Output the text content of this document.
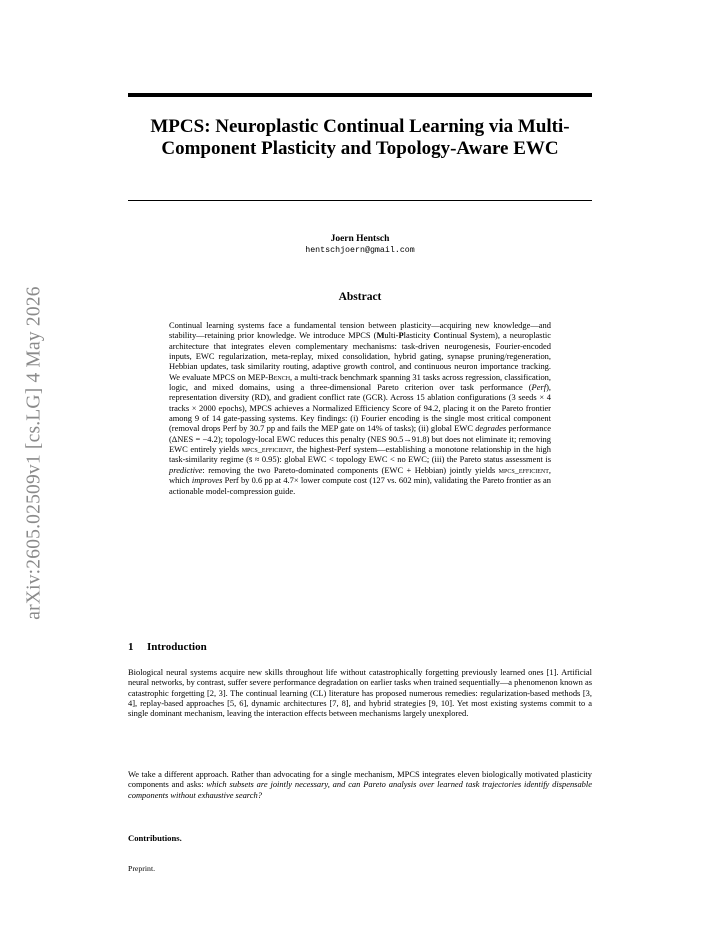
arXiv:2605.02509v1 [cs.LG] 4 May 2026
MPCS: Neuroplastic Continual Learning via Multi-Component Plasticity and Topology-Aware EWC
Joern Hentsch
hentschjoern@gmail.com
Abstract

Continual learning systems face a fundamental tension between plasticity—acquiring new knowledge—and stability—retaining prior knowledge. We introduce MPCS (Multi-Plasticity Continual System), a neuroplastic architecture that integrates eleven complementary mechanisms: task-driven neurogenesis, Fourier-encoded inputs, EWC regularization, meta-replay, mixed consolidation, hybrid gating, synapse pruning/regeneration, Hebbian updates, task similarity routing, adaptive growth control, and continuous neuron importance tracking. We evaluate MPCS on MEP-Bench, a multi-track benchmark spanning 31 tasks across regression, classification, logic, and mixed domains, using a three-dimensional Pareto criterion over task performance (Perf), representation diversity (RD), and gradient conflict rate (GCR). Across 15 ablation configurations (3 seeds × 4 tracks × 2000 epochs), MPCS achieves a Normalized Efficiency Score of 94.2, placing it on the Pareto frontier among 9 of 14 gate-passing systems. Key findings: (i) Fourier encoding is the single most critical component (removal drops Perf by 30.7 pp and fails the MEP gate on 14% of tasks); (ii) global EWC degrades performance (ΔNES = −4.2); topology-local EWC reduces this penalty (NES 90.5→91.8) but does not eliminate it; removing EWC entirely yields mpcs_efficient, the highest-Perf system—establishing a monotone relationship in the high task-similarity regime (s̄ ≈ 0.95): global EWC < topology EWC < no EWC; (iii) the Pareto status assessment is predictive: removing the two Pareto-dominated components (EWC + Hebbian) jointly yields mpcs_efficient, which improves Perf by 0.6 pp at 4.7× lower compute cost (127 vs. 602 min), validating the Pareto frontier as an actionable model-compression guide.

1 Introduction

Biological neural systems acquire new skills throughout life without catastrophically forgetting previously learned ones [1]. Artificial neural networks, by contrast, suffer severe performance degradation on earlier tasks when trained sequentially—a phenomenon known as catastrophic forgetting [2, 3]. The continual learning (CL) literature has proposed numerous remedies: regularization-based methods [3, 4], replay-based approaches [5, 6], dynamic architectures [7, 8], and hybrid strategies [9, 10]. Yet most existing systems commit to a single dominant mechanism, leaving the interaction effects between mechanisms largely unexplored.

We take a different approach. Rather than advocating for a single mechanism, MPCS integrates eleven biologically motivated plasticity components and asks: which subsets are jointly necessary, and can Pareto analysis over learned task trajectories identify dispensable components without exhaustive search?

Contributions.

Preprint.
